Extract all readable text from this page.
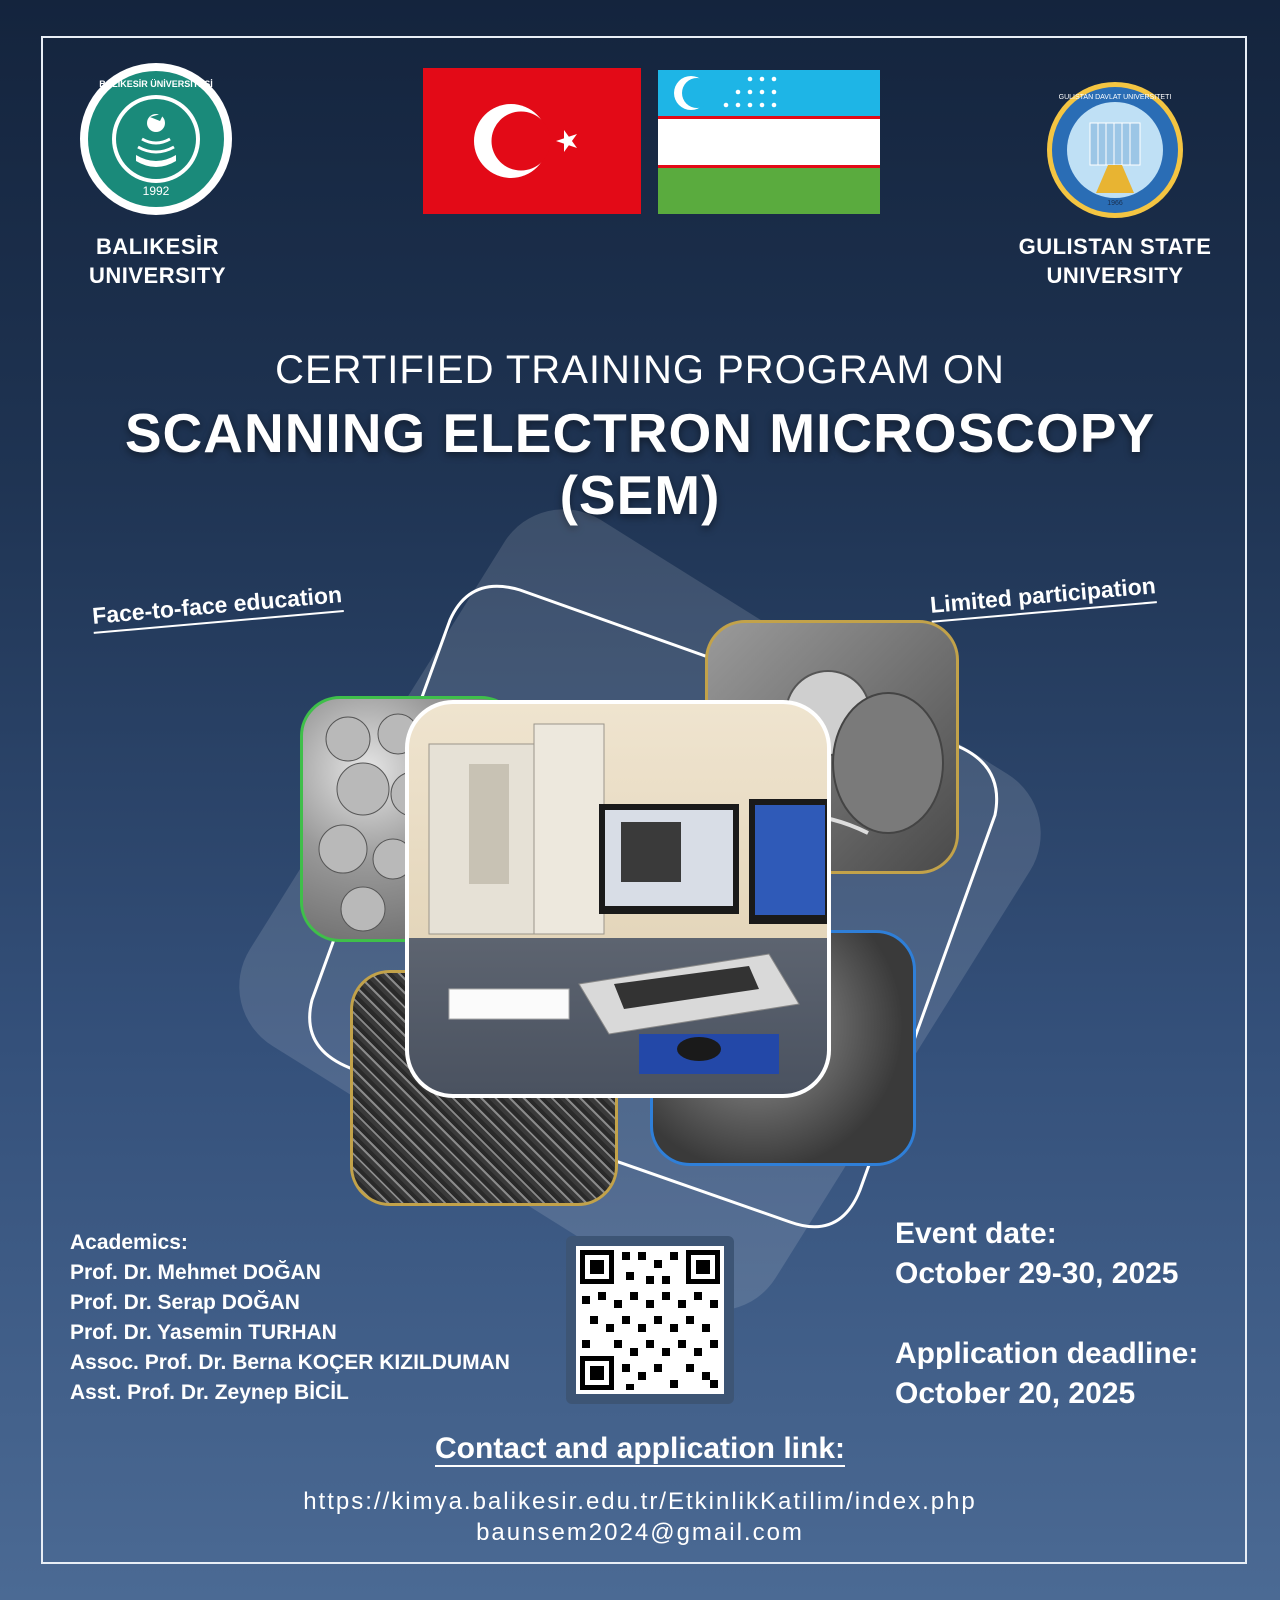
1992
BALIKESİR ÜNİVERSİTESİ
BALIKESİR
UNIVERSITY
GULISTAN DAVLAT UNIVERSITETI
1966
GULISTAN STATE
UNIVERSITY
CERTIFIED TRAINING PROGRAM ON
SCANNING ELECTRON MICROSCOPY
(SEM)
Face-to-face education	Limited participation
Academics:
Prof. Dr. Mehmet DOĞAN
Prof. Dr. Serap DOĞAN
Prof. Dr. Yasemin TURHAN
Assoc. Prof. Dr. Berna KOÇER KIZILDUMAN
Asst. Prof. Dr. Zeynep BİCİL
Event date:
October 29-30, 2025
Application deadline:
October 20, 2025
Contact and application link:
https://kimya.balikesir.edu.tr/EtkinlikKatilim/index.php
baunsem2024@gmail.com
